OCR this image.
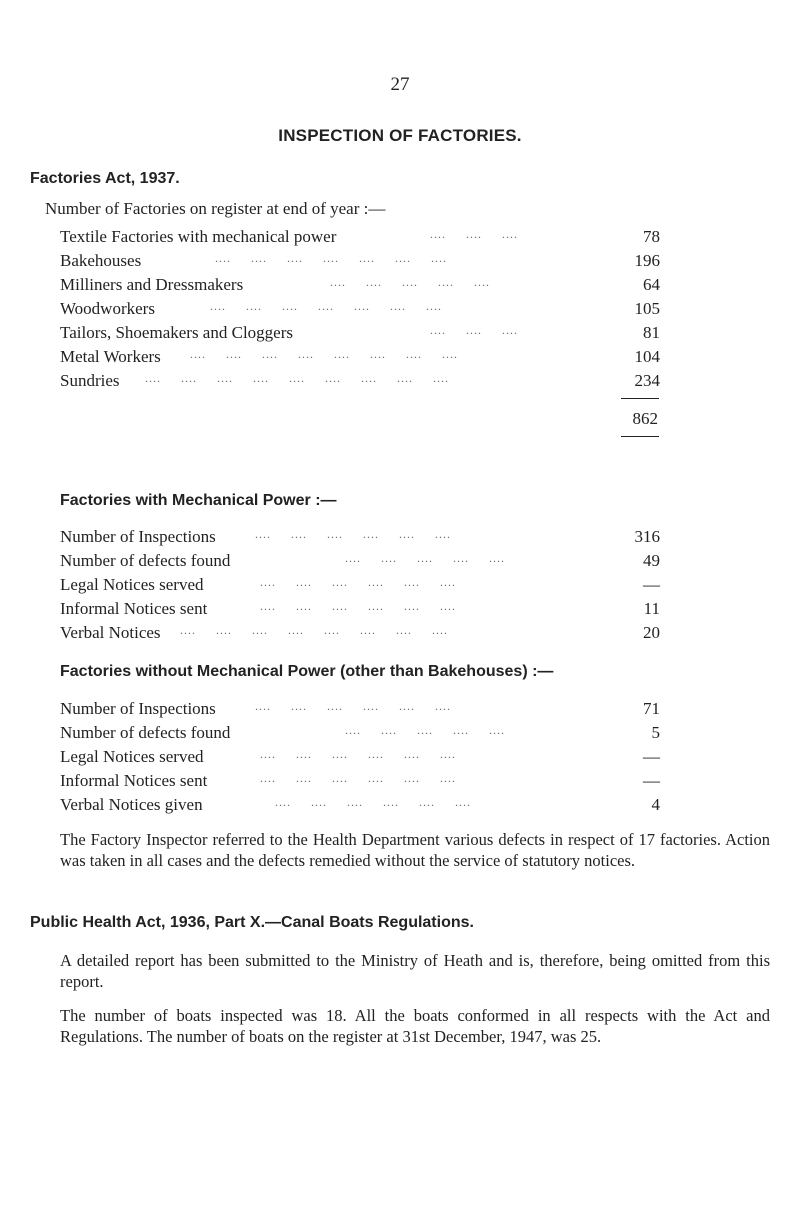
27
INSPECTION OF FACTORIES.
Factories Act, 1937.
Number of Factories on register at end of year :—
Textile Factories with mechanical power	....     ....     ....	78
Bakehouses	....     ....     ....     ....     ....     ....     ....	196
Milliners and Dressmakers	....     ....     ....     ....     ....	64
Woodworkers	....     ....     ....     ....     ....     ....     ....	105
Tailors, Shoemakers and Cloggers	....     ....     ....	81
Metal Workers ....     ....     ....     ....     ....     ....     ....     ....	104
Sundries ....     ....     ....     ....     ....     ....     ....     ....     ....	234
862
Factories with Mechanical Power :—
Number of Inspections	....     ....     ....     ....     ....     ....	316
Number of defects found	....     ....     ....     ....     ....	49
Legal Notices served	....     ....     ....     ....     ....     ....	—
Informal Notices sent	....     ....     ....     ....     ....     ....	11
Verbal Notices ....     ....     ....     ....     ....     ....     ....     ....	20
Factories without Mechanical Power (other than Bakehouses) :—
Number of Inspections	....     ....     ....     ....     ....     ....	71
Number of defects found	....     ....     ....     ....     ....	5
Legal Notices served	....     ....     ....     ....     ....     ....	—
Informal Notices sent	....     ....     ....     ....     ....     ....	—
Verbal Notices given	....     ....     ....     ....     ....     ....	4
The Factory Inspector referred to the Health Department various defects in respect of 17 factories. Action was taken in all cases and the defects remedied without the service of statutory notices.
Public Health Act, 1936, Part X.—Canal Boats Regulations.
A detailed report has been submitted to the Ministry of Heath and is, therefore, being omitted from this report.
The number of boats inspected was 18. All the boats conformed in all respects with the Act and Regulations. The number of boats on the register at 31st December, 1947, was 25.
